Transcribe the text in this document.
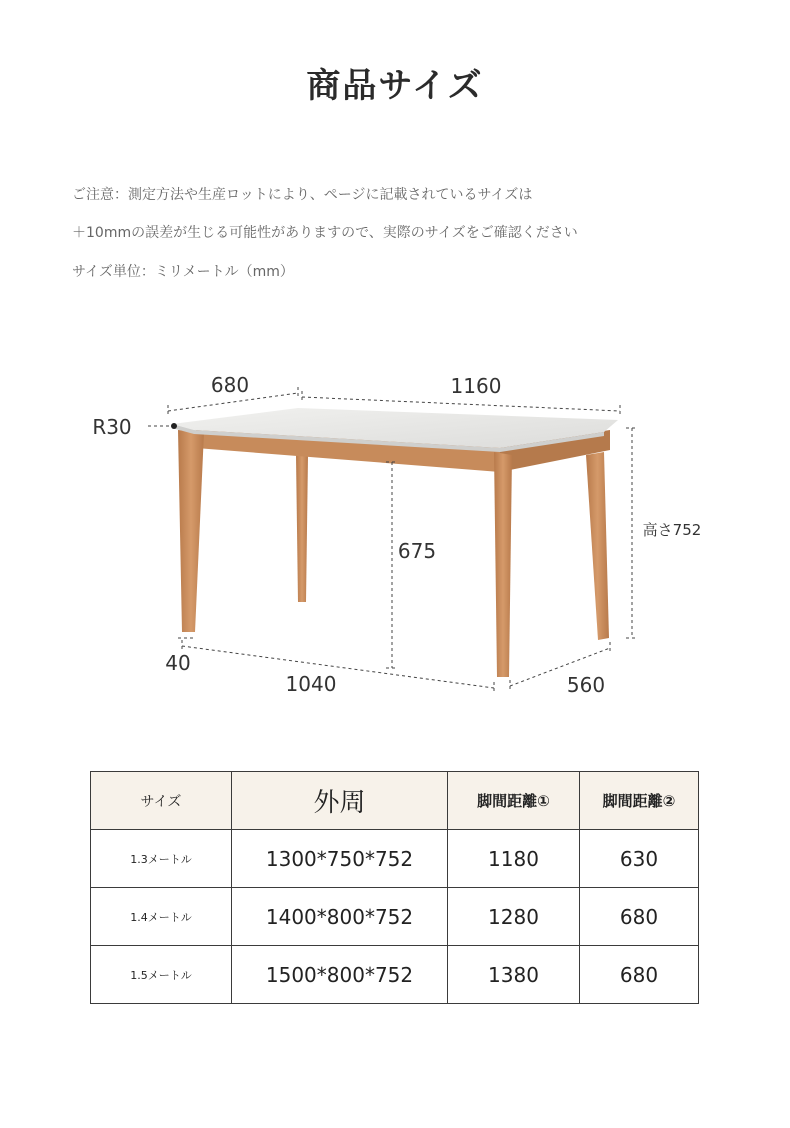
商品サイズ
ご注意：測定方法や生産ロットにより、ページに記載されているサイズは
＋10mmの誤差が生じる可能性がありますので、実際のサイズをご確認ください
サイズ単位：ミリメートル（mm）
680	1160
R30
高さ752
675
40
1040	560
サイズ	外周	脚間距離①	脚間距離②
1.3メートル	1300*750*752	1180	630
1.4メートル	1400*800*752	1280	680
1.5メートル	1500*800*752	1380	680
